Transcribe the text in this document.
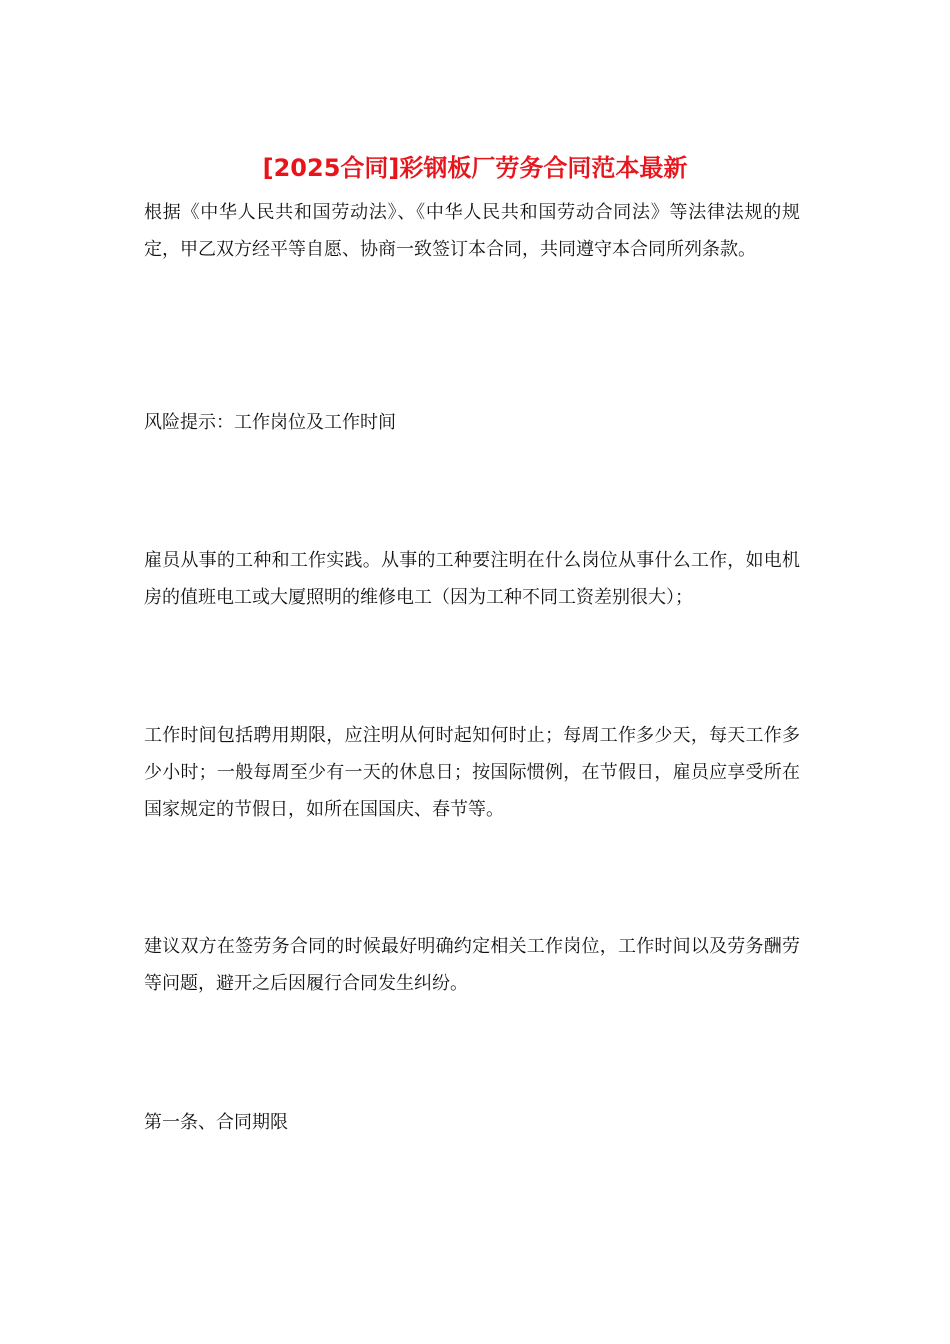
[2025合同]彩钢板厂劳务合同范本最新

根据《中华人民共和国劳动法》、《中华人民共和国劳动合同法》等法律法规的规定，甲乙双方经平等自愿、协商一致签订本合同，共同遵守本合同所列条款。

风险提示：工作岗位及工作时间

雇员从事的工种和工作实践。从事的工种要注明在什么岗位从事什么工作，如电机房的值班电工或大厦照明的维修电工（因为工种不同工资差别很大）；

工作时间包括聘用期限，应注明从何时起知何时止；每周工作多少天，每天工作多少小时；一般每周至少有一天的休息日；按国际惯例，在节假日，雇员应享受所在国家规定的节假日，如所在国国庆、春节等。

建议双方在签劳务合同的时候最好明确约定相关工作岗位，工作时间以及劳务酬劳等问题，避开之后因履行合同发生纠纷。

第一条、合同期限
